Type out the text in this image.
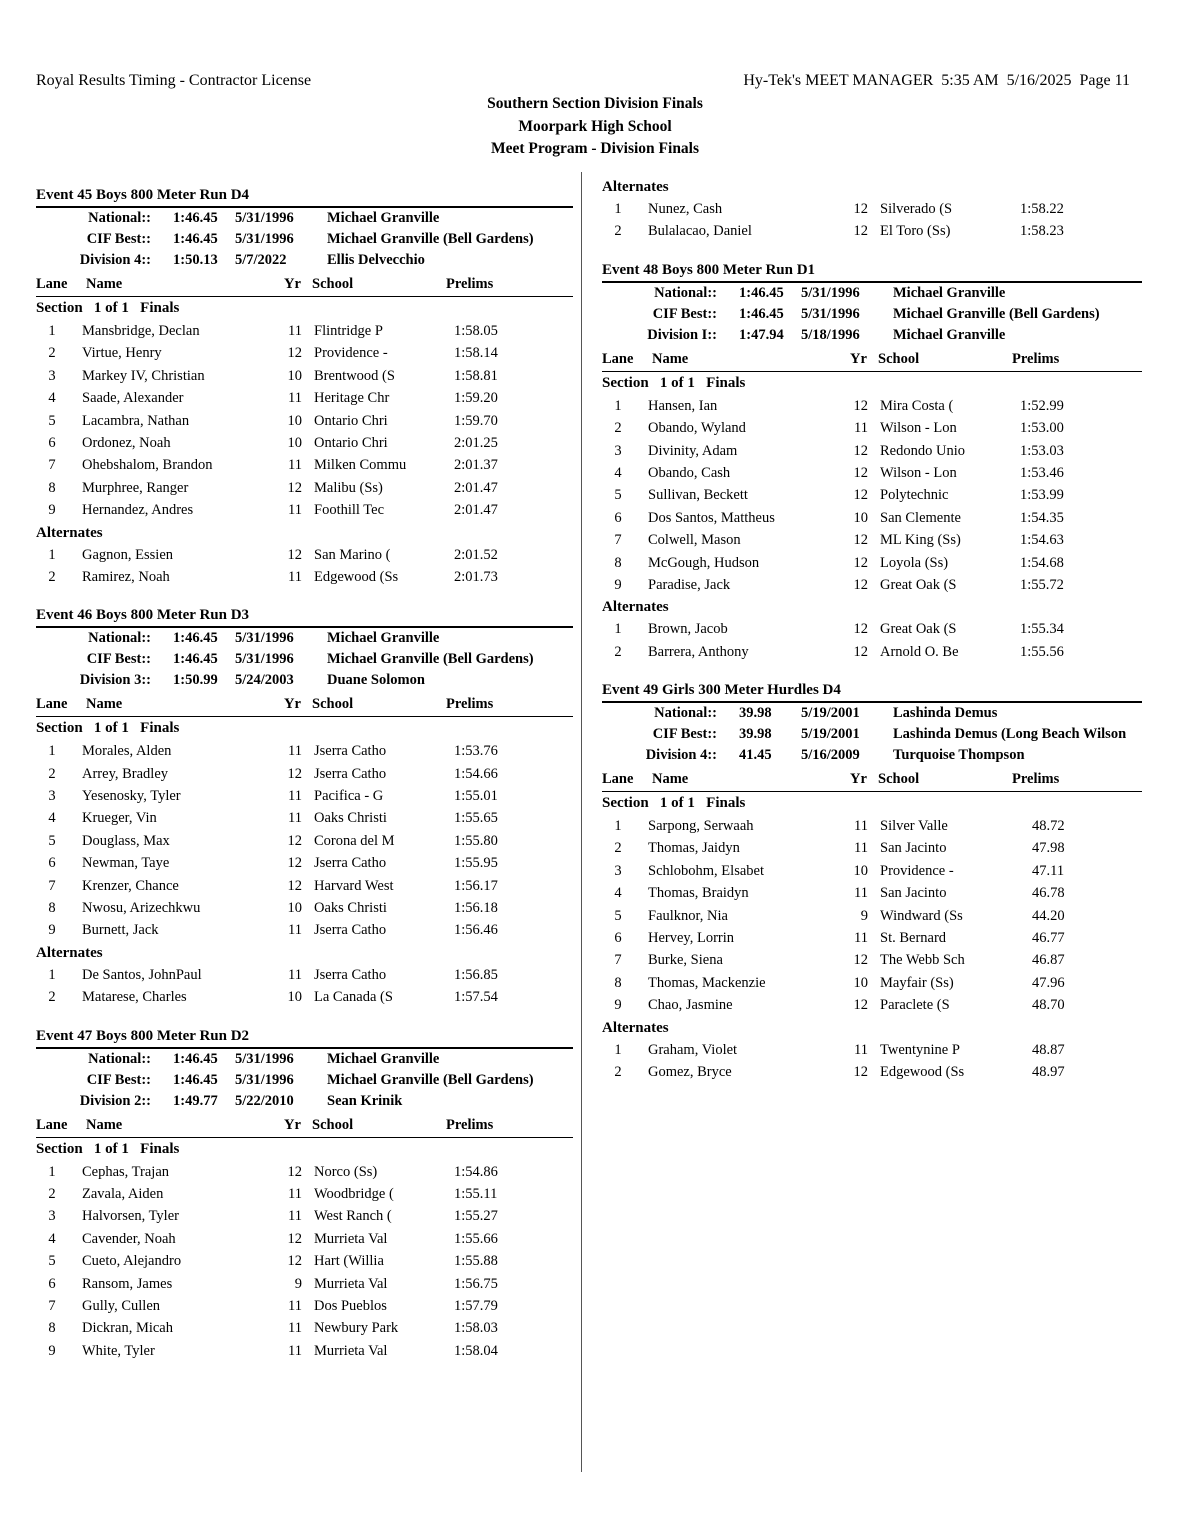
Royal Results Timing - Contractor License	Hy-Tek's MEET MANAGER  5:35 AM  5/16/2025  Page 11
Southern Section Division Finals
Moorpark High School
Meet Program - Division Finals
Event 45 Boys 800 Meter Run D4
National:: 1:46.45 5/31/1996 Michael Granville
CIF Best:: 1:46.45 5/31/1996 Michael Granville (Bell Gardens)
Division 4:: 1:50.13 5/7/2022	Ellis Delvecchio
Lane Name	Yr School	Prelims
Section   1 of 1   Finals
1	Mansbridge, Declan	11 Flintridge P	1:58.05
2	Virtue, Henry	12 Providence -	1:58.14
3	Markey IV, Christian	10 Brentwood (S	1:58.81
4	Saade, Alexander	11 Heritage Chr	1:59.20
5	Lacambra, Nathan	10 Ontario Chri	1:59.70
6	Ordonez, Noah	10 Ontario Chri	2:01.25
7	Ohebshalom, Brandon	11 Milken Commu	2:01.37
8	Murphree, Ranger	12 Malibu (Ss)	2:01.47
9	Hernandez, Andres	11 Foothill Tec	2:01.47
Alternates
1	Gagnon, Essien	12 San Marino (	2:01.52
2	Ramirez, Noah	11 Edgewood (Ss	2:01.73
Event 46 Boys 800 Meter Run D3
National:: 1:46.45 5/31/1996 Michael Granville
CIF Best:: 1:46.45 5/31/1996 Michael Granville (Bell Gardens)
Division 3:: 1:50.99 5/24/2003 Duane Solomon
Lane Name	Yr School	Prelims
Section   1 of 1   Finals
1	Morales, Alden	11 Jserra Catho	1:53.76
2	Arrey, Bradley	12 Jserra Catho	1:54.66
3	Yesenosky, Tyler	11 Pacifica - G	1:55.01
4	Krueger, Vin	11 Oaks Christi	1:55.65
5	Douglass, Max	12 Corona del M	1:55.80
6	Newman, Taye	12 Jserra Catho	1:55.95
7	Krenzer, Chance	12 Harvard West	1:56.17
8	Nwosu, Arizechkwu	10 Oaks Christi	1:56.18
9	Burnett, Jack	11 Jserra Catho	1:56.46
Alternates
1	De Santos, JohnPaul	11 Jserra Catho	1:56.85
2	Matarese, Charles	10 La Canada (S	1:57.54
Event 47 Boys 800 Meter Run D2
National:: 1:46.45 5/31/1996 Michael Granville
CIF Best:: 1:46.45 5/31/1996 Michael Granville (Bell Gardens)
Division 2:: 1:49.77 5/22/2010 Sean Krinik
Lane Name	Yr School	Prelims
Section   1 of 1   Finals
1	Cephas, Trajan	12 Norco (Ss)	1:54.86
2	Zavala, Aiden	11 Woodbridge (	1:55.11
3	Halvorsen, Tyler	11 West Ranch (	1:55.27
4	Cavender, Noah	12 Murrieta Val	1:55.66
5	Cueto, Alejandro	12 Hart (Willia	1:55.88
6	Ransom, James	9 Murrieta Val	1:56.75
7	Gully, Cullen	11 Dos Pueblos	1:57.79
8	Dickran, Micah	11 Newbury Park	1:58.03
9	White, Tyler	11 Murrieta Val	1:58.04
Alternates
1	Nunez, Cash	12 Silverado (S	1:58.22
2	Bulalacao, Daniel	12 El Toro (Ss)	1:58.23
Event 48 Boys 800 Meter Run D1
National:: 1:46.45 5/31/1996 Michael Granville
CIF Best:: 1:46.45 5/31/1996 Michael Granville (Bell Gardens)
Division I:: 1:47.94 5/18/1996 Michael Granville
Lane Name	Yr School	Prelims
Section   1 of 1   Finals
1	Hansen, Ian	12 Mira Costa (	1:52.99
2	Obando, Wyland	11 Wilson - Lon	1:53.00
3	Divinity, Adam	12 Redondo Unio	1:53.03
4	Obando, Cash	12 Wilson - Lon	1:53.46
5	Sullivan, Beckett	12 Polytechnic	1:53.99
6	Dos Santos, Mattheus	10 San Clemente	1:54.35
7	Colwell, Mason	12 ML King (Ss)	1:54.63
8	McGough, Hudson	12 Loyola (Ss)	1:54.68
9	Paradise, Jack	12 Great Oak (S	1:55.72
Alternates
1	Brown, Jacob	12 Great Oak (S	1:55.34
2	Barrera, Anthony	12 Arnold O. Be	1:55.56
Event 49 Girls 300 Meter Hurdles D4
National:: 39.98 5/19/2001 Lashinda Demus
CIF Best:: 39.98 5/19/2001 Lashinda Demus (Long Beach Wilson
Division 4:: 41.45 5/16/2009 Turquoise Thompson
Lane Name	Yr School	Prelims
Section   1 of 1   Finals
1	Sarpong, Serwaah	11 Silver Valle	48.72
2	Thomas, Jaidyn	11 San Jacinto	47.98
3	Schlobohm, Elsabet	10 Providence -	47.11
4	Thomas, Braidyn	11 San Jacinto	46.78
5	Faulknor, Nia	9 Windward (Ss	44.20
6	Hervey, Lorrin	11 St. Bernard	46.77
7	Burke, Siena	12 The Webb Sch	46.87
8	Thomas, Mackenzie	10 Mayfair (Ss)	47.96
9	Chao, Jasmine	12 Paraclete (S	48.70
Alternates
1	Graham, Violet	11 Twentynine P	48.87
2	Gomez, Bryce	12 Edgewood (Ss	48.97
